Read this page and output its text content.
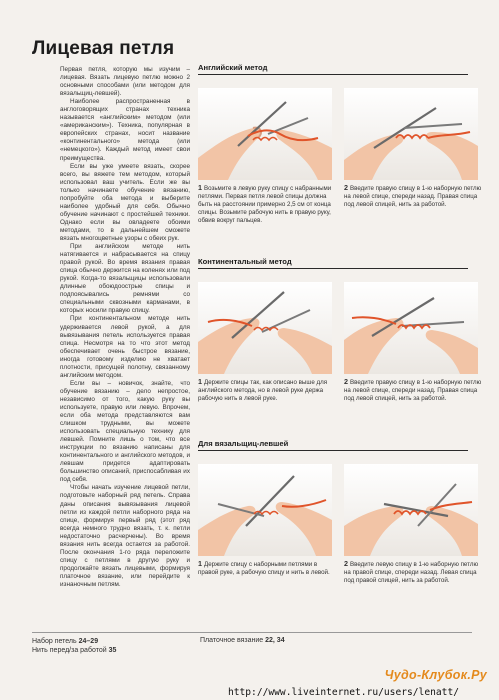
Лицевая петля

Первая петля, которую мы изучим – лицевая. Вязать лицевую петлю можно 2 основными способами (или методом для вязальщиц-левшей).

Наиболее распространенная в англоговорящих странах техника называется «английским» методом (или «американским»). Техника, популярная в европейских странах, носит название «континентального» метода (или «немецкого»). Каждый метод имеет свои преимущества.

Если вы уже умеете вязать, скорее всего, вы вяжете тем методом, который использовал ваш учитель. Если же вы только начинаете обучение вязанию, попробуйте оба метода и выберите наиболее удобный для себя. Обычно обучение начинают с простейшей техники. Однако если вы овладеете обоими методами, то в дальнейшем сможете вязать многоцветные узоры с обеих рук.

При английском методе нить натягивается и набрасывается на спицу правой рукой. Во время вязания правая спица обычно держится на коленях или под рукой. Когда-то вязальщицы использовали длинные обоюдоострые спицы и подпоясывались ремнями со специальными сквозными карманами, в которых носили правую спицу.

При континентальном методе нить удерживается левой рукой, а для вывязывания петель используется правая спица. Несмотря на то что этот метод обеспечивает очень быстрое вязание, иногда готовому изделию не хватает плотности, присущей полотну, связанному английским методом.

Если вы – новичок, знайте, что обучение вязанию – дело непростое, независимо от того, какую руку вы используете, правую или левую. Впрочем, если оба метода представляются вам слишком трудными, вы можете использовать специальную технику для левшей. Помните лишь о том, что все инструкции по вязанию написаны для континентального и английского методов, и левшам придется адаптировать большинство описаний, приспосабливая их под себя.

Чтобы начать изучение лицевой петли, подготовьте наборный ряд петель. Справа даны описания вывязывания лицевой петли из каждой петли наборного ряда на спице, формируя первый ряд (этот ряд всегда немного трудно вязать, т. к. петли недостаточно расчерчены). Во время вязания нить всегда остается за работой. После окончания 1-го ряда переложите спицу с петлями в другую руку и продолжайте вязать лицевыми, формируя платочное вязание, или перейдите к изнаночным петлям.

Английский метод
1 Возьмите в левую руку спицу с набранными петлями. Первая петля левой спицы должна быть на расстоянии примерно 2,5 см от конца спицы. Возьмите рабочую нить в правую руку, обвив вокруг пальцев.
2 Введите правую спицу в 1-ю наборную петлю на левой спице, спереди назад. Правая спица под левой спицей, нить за работой.
Континентальный метод
1 Держите спицы так, как описано выше для английского метода, но в левой руке держа рабочую нить в левой руке.
2 Введите правую спицу в 1-ю наборную петлю на левой спице, спереди назад. Правая спица под левой спицей, нить за работой.
Для вязальщиц-левшей
1 Держите спицу с наборными петлями в правой руке, а рабочую спицу и нить в левой.
2 Введите левую спицу в 1-ю наборную петлю на правой спице, спереди назад. Левая спица под правой спицей, нить за работой.
Набор петель 24–29
Нить перед/за работой 35
Платочное вязание 22, 34
Чудо-Клубок.Ру
http://www.liveinternet.ru/users/lenatt/
